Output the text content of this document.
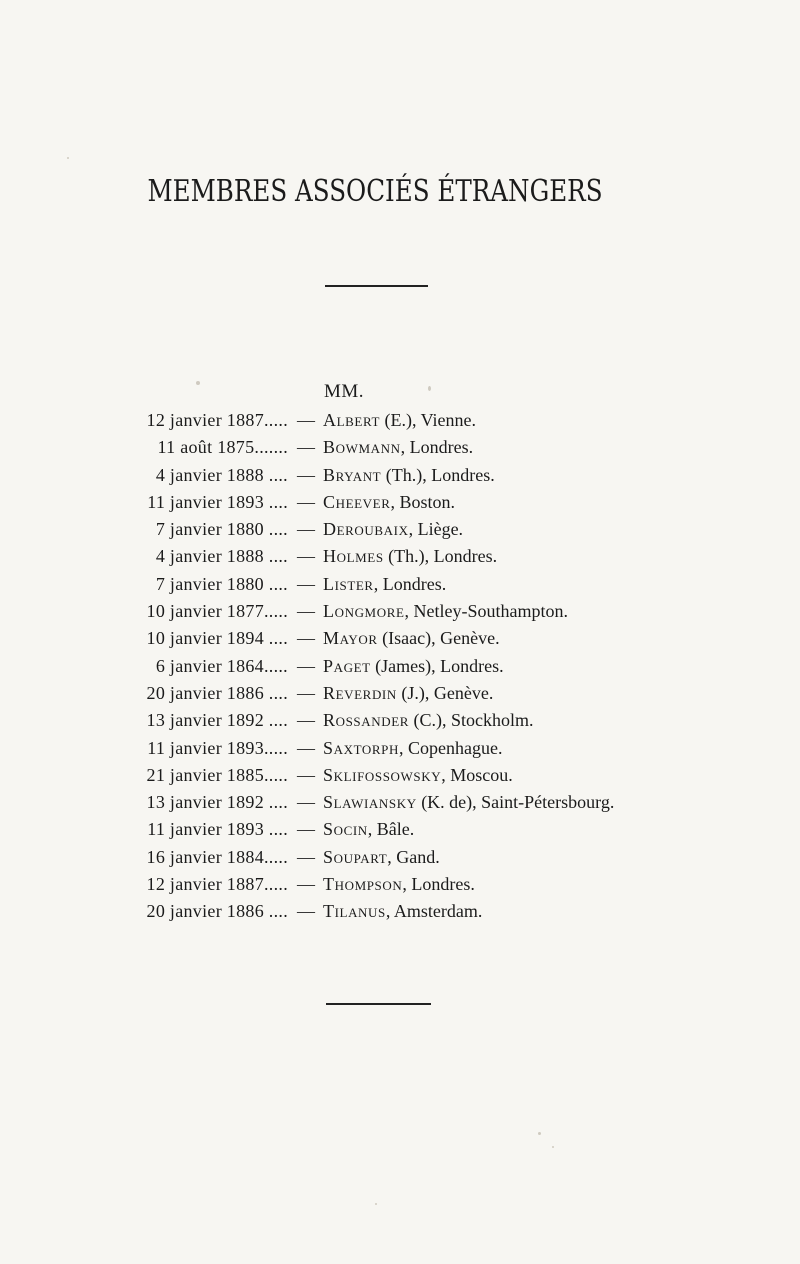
MEMBRES ASSOCIÉS ÉTRANGERS
MM.
12 janvier 1887..... — Albert (E.), Vienne.
11 août 1875....... — Bowmann, Londres.
4 janvier 1888 .... — Bryant (Th.), Londres.
11 janvier 1893 .... — Cheever, Boston.
7 janvier 1880 .... — Deroubaix, Liège.
4 janvier 1888 .... — Holmes (Th.), Londres.
7 janvier 1880 .... — Lister, Londres.
10 janvier 1877..... — Longmore, Netley-Southampton.
10 janvier 1894 .... — Mayor (Isaac), Genève.
6 janvier 1864..... — Paget (James), Londres.
20 janvier 1886 .... — Reverdin (J.), Genève.
13 janvier 1892 .... — Rossander (C.), Stockholm.
11 janvier 1893..... — Saxtorph, Copenhague.
21 janvier 1885..... — Sklifossowsky, Moscou.
13 janvier 1892 .... — Slawiansky (K. de), Saint-Pétersbourg.
11 janvier 1893 .... — Socin, Bâle.
16 janvier 1884..... — Soupart, Gand.
12 janvier 1887..... — Thompson, Londres.
20 janvier 1886 .... — Tilanus, Amsterdam.
